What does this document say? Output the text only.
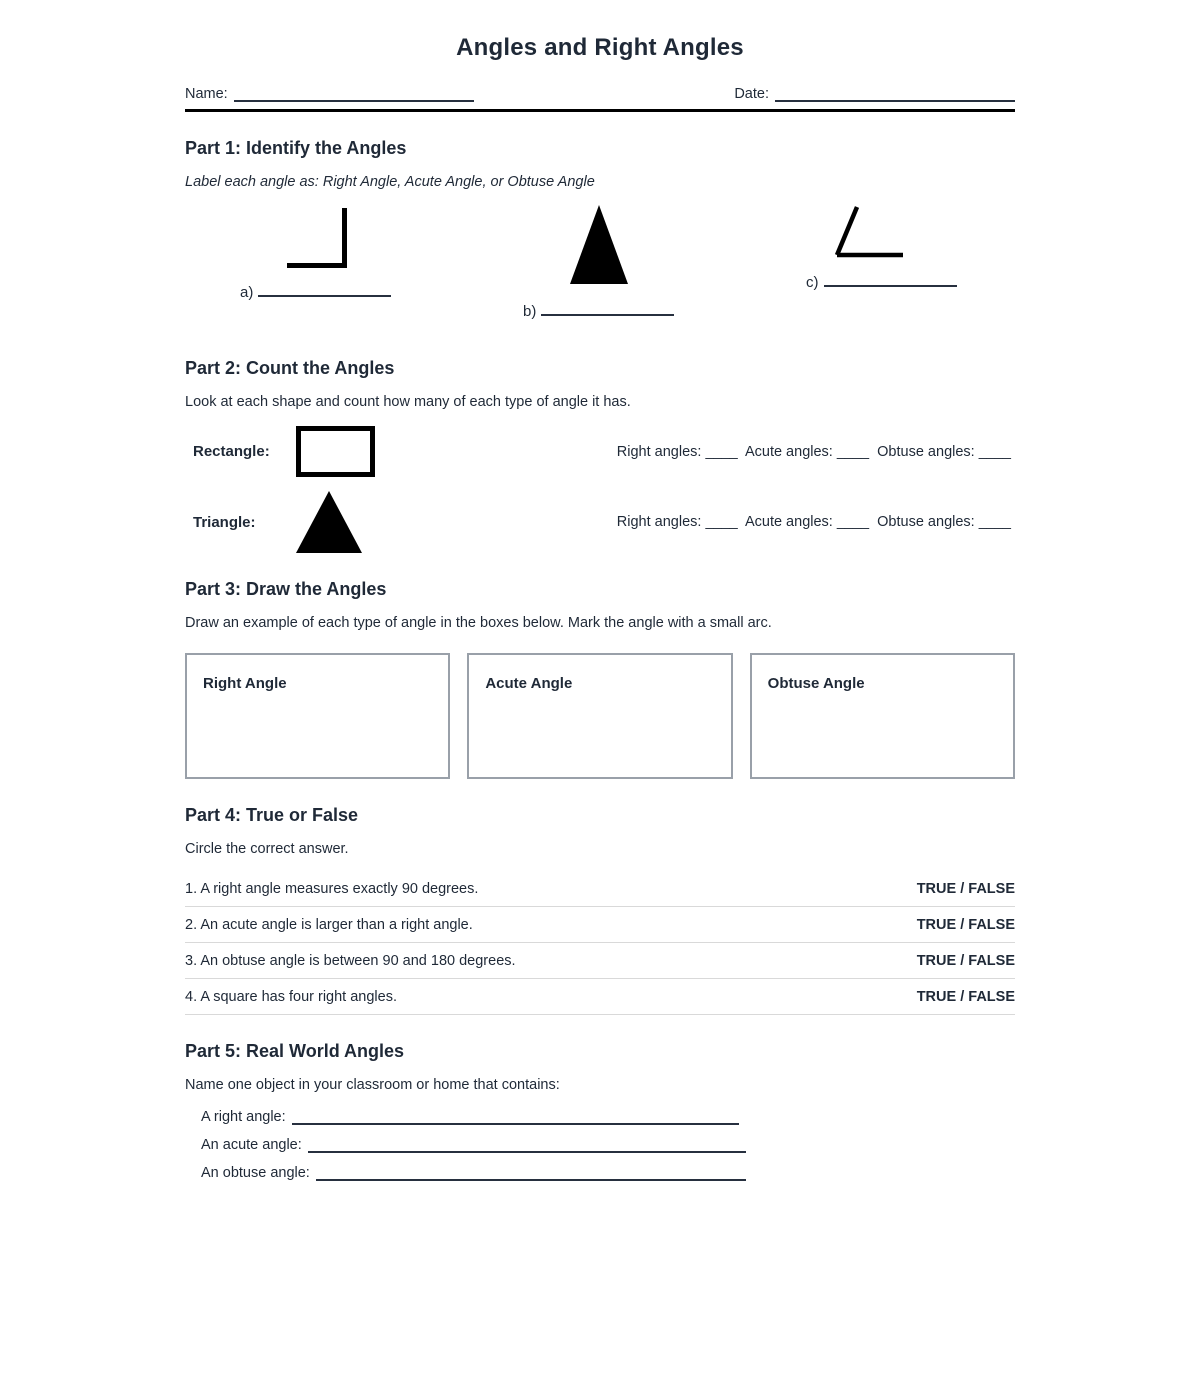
Angles and Right Angles
Name:	Date:
Part 1: Identify the Angles
Label each angle as: Right Angle, Acute Angle, or Obtuse Angle
a)
b)
c)
Part 2: Count the Angles
Look at each shape and count how many of each type of angle it has.
Rectangle:	Right angles: ____ Acute angles: ____ Obtuse angles: ____
Triangle:	Right angles: ____ Acute angles: ____ Obtuse angles: ____
Part 3: Draw the Angles
Draw an example of each type of angle in the boxes below. Mark the angle with a small arc.
Right Angle	Acute Angle	Obtuse Angle
Part 4: True or False
Circle the correct answer.
1. A right angle measures exactly 90 degrees.	TRUE / FALSE
2. An acute angle is larger than a right angle.	TRUE / FALSE
3. An obtuse angle is between 90 and 180 degrees.	TRUE / FALSE
4. A square has four right angles.	TRUE / FALSE
Part 5: Real World Angles
Name one object in your classroom or home that contains:
A right angle:
An acute angle:
An obtuse angle:
